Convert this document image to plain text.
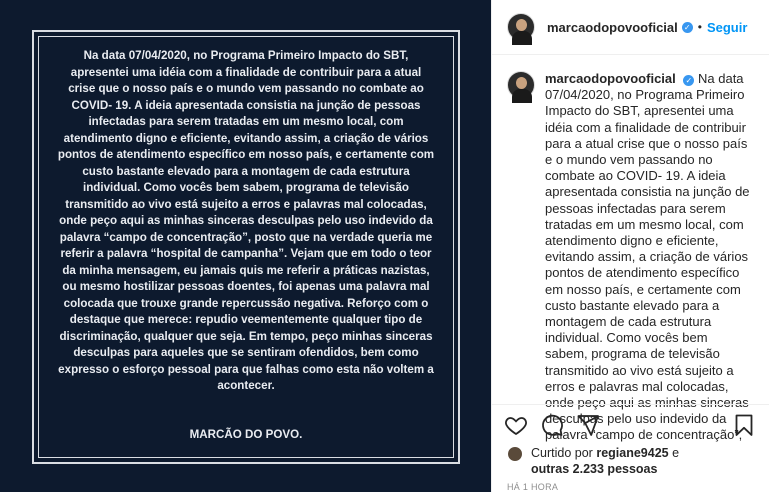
Na data 07/04/2020, no Programa Primeiro Impacto do SBT, apresentei uma idéia com a finalidade de contribuir para a atual crise que o nosso país e o mundo vem passando no combate ao COVID- 19. A ideia apresentada consistia na junção de pessoas infectadas para serem tratadas em um mesmo local, com atendimento digno e eficiente, evitando assim, a criação de vários pontos de atendimento específico em nosso país, e certamente com custo bastante elevado para a montagem de cada estrutura individual. Como vocês bem sabem, programa de televisão transmitido ao vivo está sujeito a erros e palavras mal colocadas, onde peço aqui as minhas sinceras desculpas pelo uso indevido da palavra “campo de concentração”, posto que na verdade queria me referir a palavra “hospital de campanha”. Vejam que em todo o teor da minha mensagem, eu jamais quis me referir a práticas nazistas, ou mesmo hostilizar pessoas doentes, foi apenas uma palavra mal colocada que trouxe grande repercussão negativa. Reforço com o destaque que merece: repudio veementemente qualquer tipo de discriminação, qualquer que seja. Em tempo, peço minhas sinceras desculpas para aqueles que se sentiram ofendidos, bem como expresso o esforço pessoal para que falhas como esta não voltem a acontecer.
MARCÃO DO POVO.
marcaodopovooficial ✓ • Seguir
marcaodopovooficial ✓ Na data 07/04/2020, no Programa Primeiro Impacto do SBT, apresentei uma idéia com a finalidade de contribuir para a atual crise que o nosso país e o mundo vem passando no combate ao COVID- 19. A ideia apresentada consistia na junção de pessoas infectadas para serem tratadas em um mesmo local, com atendimento digno e eficiente, evitando assim, a criação de vários pontos de atendimento específico em nosso país, e certamente com custo bastante elevado para a montagem de cada estrutura individual. Como vocês bem sabem, programa de televisão transmitido ao vivo está sujeito a erros e palavras mal colocadas, onde peço aqui as minhas sinceras desculpas pelo uso indevido da palavra “campo de concentração”,
Curtido por regiane9425 e
outras 2.233 pessoas
HÁ 1 HORA
